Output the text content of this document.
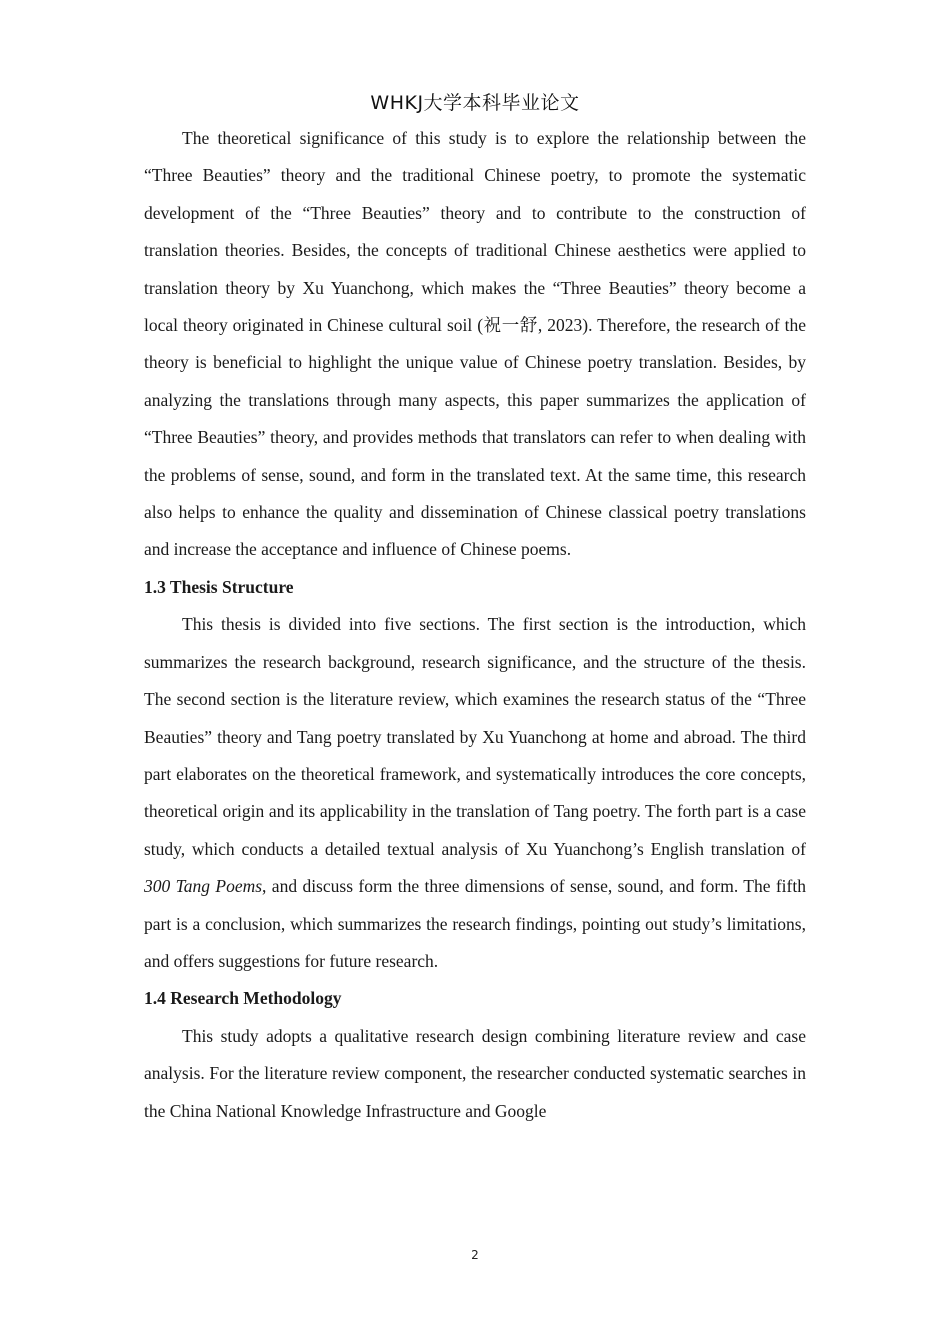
WHKJ大学本科毕业论文

The theoretical significance of this study is to explore the relationship between the “Three Beauties” theory and the traditional Chinese poetry, to promote the systematic development of the “Three Beauties” theory and to contribute to the construction of translation theories. Besides, the concepts of traditional Chinese aesthetics were applied to translation theory by Xu Yuanchong, which makes the “Three Beauties” theory become a local theory originated in Chinese cultural soil (祝一舒, 2023). Therefore, the research of the theory is beneficial to highlight the unique value of Chinese poetry translation. Besides, by analyzing the translations through many aspects, this paper summarizes the application of “Three Beauties” theory, and provides methods that translators can refer to when dealing with the problems of sense, sound, and form in the translated text. At the same time, this research also helps to enhance the quality and dissemination of Chinese classical poetry translations and increase the acceptance and influence of Chinese poems.

1.3 Thesis Structure

This thesis is divided into five sections. The first section is the introduction, which summarizes the research background, research significance, and the structure of the thesis. The second section is the literature review, which examines the research status of the “Three Beauties” theory and Tang poetry translated by Xu Yuanchong at home and abroad. The third part elaborates on the theoretical framework, and systematically introduces the core concepts, theoretical origin and its applicability in the translation of Tang poetry. The forth part is a case study, which conducts a detailed textual analysis of Xu Yuanchong’s English translation of 300 Tang Poems, and discuss form the three dimensions of sense, sound, and form. The fifth part is a conclusion, which summarizes the research findings, pointing out study’s limitations, and offers suggestions for future research.

1.4 Research Methodology

This study adopts a qualitative research design combining literature review and case analysis. For the literature review component, the researcher conducted systematic searches in the China National Knowledge Infrastructure and Google

2
